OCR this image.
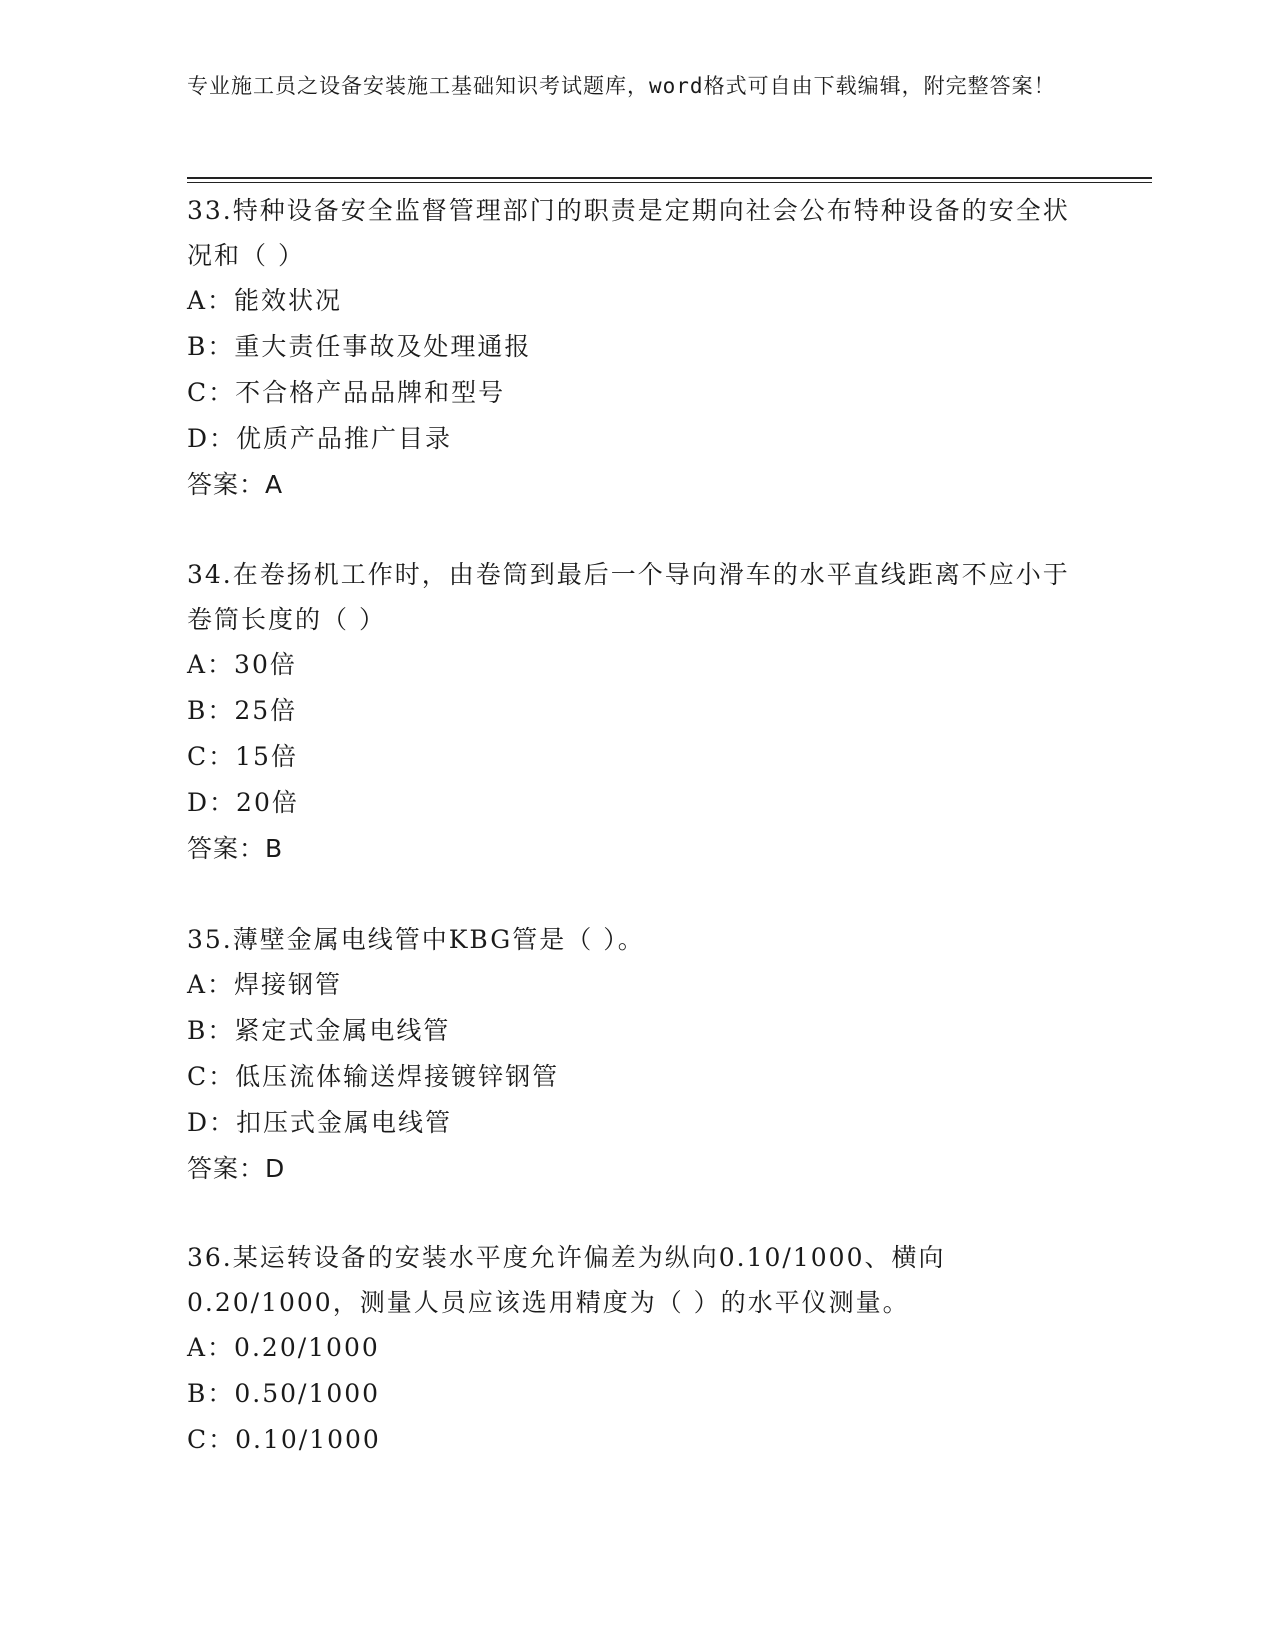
专业施工员之设备安装施工基础知识考试题库，word格式可自由下载编辑，附完整答案！
33.特种设备安全监督管理部门的职责是定期向社会公布特种设备的安全状况和（ ）
A：能效状况
B：重大责任事故及处理通报
C：不合格产品品牌和型号
D：优质产品推广目录
答案：A
34.在卷扬机工作时，由卷筒到最后一个导向滑车的水平直线距离不应小于卷筒长度的（ ）
A：30倍
B：25倍
C：15倍
D：20倍
答案：B
35.薄壁金属电线管中KBG管是（ ）。
A：焊接钢管
B：紧定式金属电线管
C：低压流体输送焊接镀锌钢管
D：扣压式金属电线管
答案：D
36.某运转设备的安装水平度允许偏差为纵向0.10/1000、横向0.20/1000，测量人员应该选用精度为（ ）的水平仪测量。
A：0.20/1000
B：0.50/1000
C：0.10/1000
